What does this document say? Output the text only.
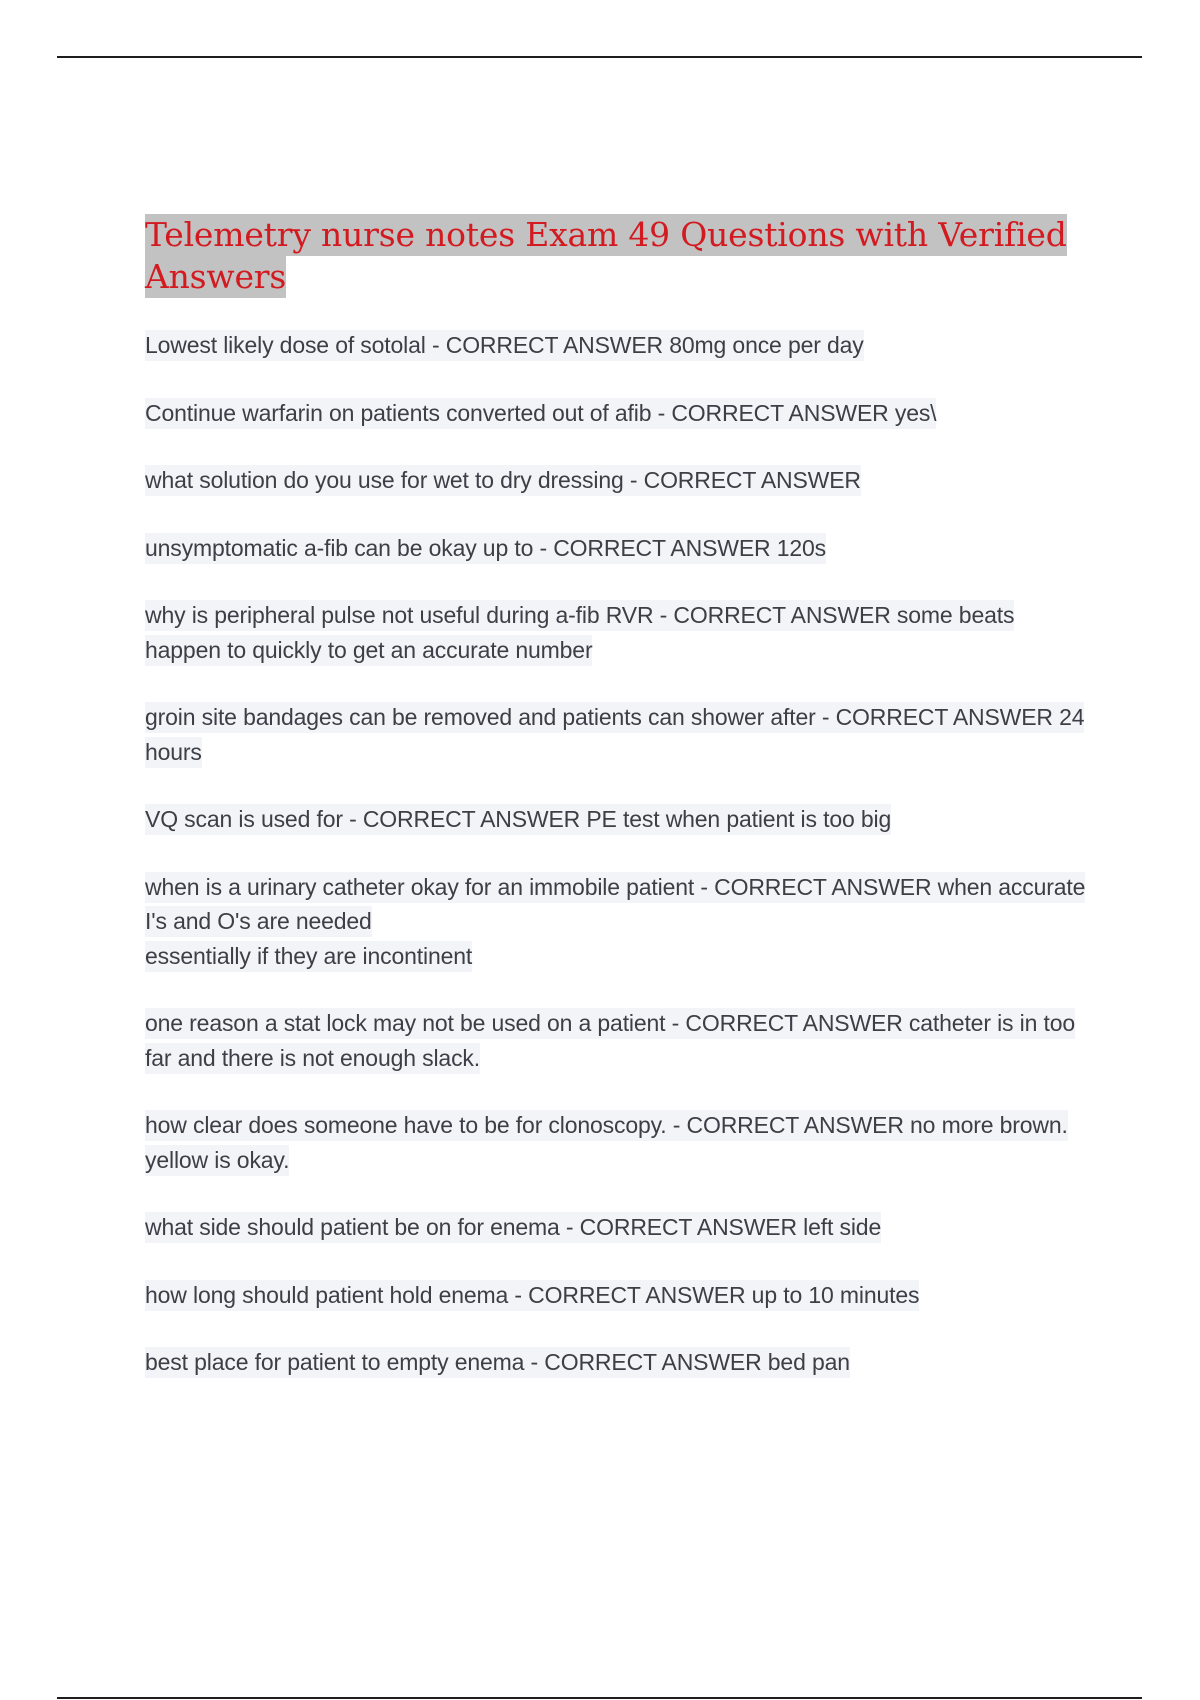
Telemetry nurse notes Exam 49 Questions with Verified Answers

Lowest likely dose of sotolal - CORRECT ANSWER 80mg once per day

Continue warfarin on patients converted out of afib - CORRECT ANSWER yes\

what solution do you use for wet to dry dressing - CORRECT ANSWER

unsymptomatic a-fib can be okay up to - CORRECT ANSWER 120s

why is peripheral pulse not useful during a-fib RVR - CORRECT ANSWER some beats happen to quickly to get an accurate number

groin site bandages can be removed and patients can shower after - CORRECT ANSWER 24 hours

VQ scan is used for - CORRECT ANSWER PE test when patient is too big

when is a urinary catheter okay for an immobile patient - CORRECT ANSWER when accurate I's and O's are needed
essentially if they are incontinent

one reason a stat lock may not be used on a patient - CORRECT ANSWER catheter is in too far and there is not enough slack.

how clear does someone have to be for clonoscopy. - CORRECT ANSWER no more brown. yellow is okay.

what side should patient be on for enema - CORRECT ANSWER left side

how long should patient hold enema - CORRECT ANSWER up to 10 minutes

best place for patient to empty enema - CORRECT ANSWER bed pan
